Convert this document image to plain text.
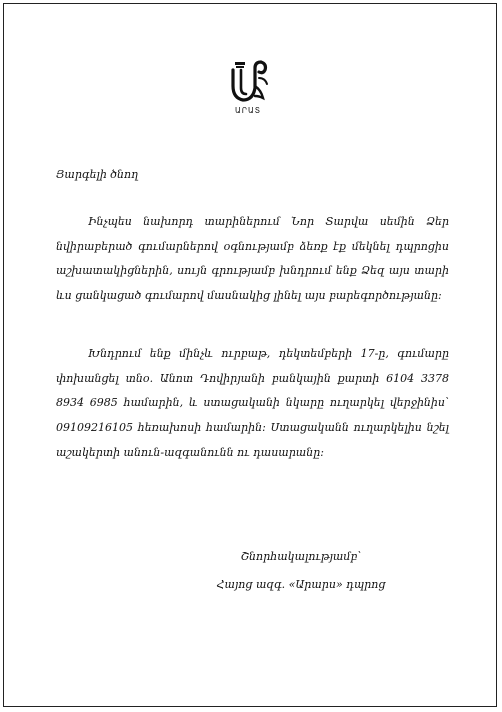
ԱՐԱՏ
Յարգելի ծնող

Ինչպես նախորդ տարիներում Նոր Տարվա սեմին Ձեր նվիրաբերած գումարներով օգնությամբ ձեռք էք մեկնել դպրոցիս աշխատակիցներին, սույն գրությամբ խնդրում ենք Ձեզ այս տարի ևս ցանկացած գումարով մասնակից լինել այս բարեգործությանը:

Խնդրում ենք մինչև ուրբաթ, դեկտեմբերի 17-ը, գումարը փոխանցել տնօ. Անոտ Դովիրյանի բանկային քարտի 6104 3378 8934 6985 համարին, և ստացականի նկարը ուղարկել վերջինիս՝ 09109216105 հեռախոսի համարին: Ստացականն ուղարկելիս նշել աշակերտի անուն-ազգանունն ու դասարանը:

Շնորհակալությամբ՝
Հայոց ազգ. «Արարս» դպրոց
